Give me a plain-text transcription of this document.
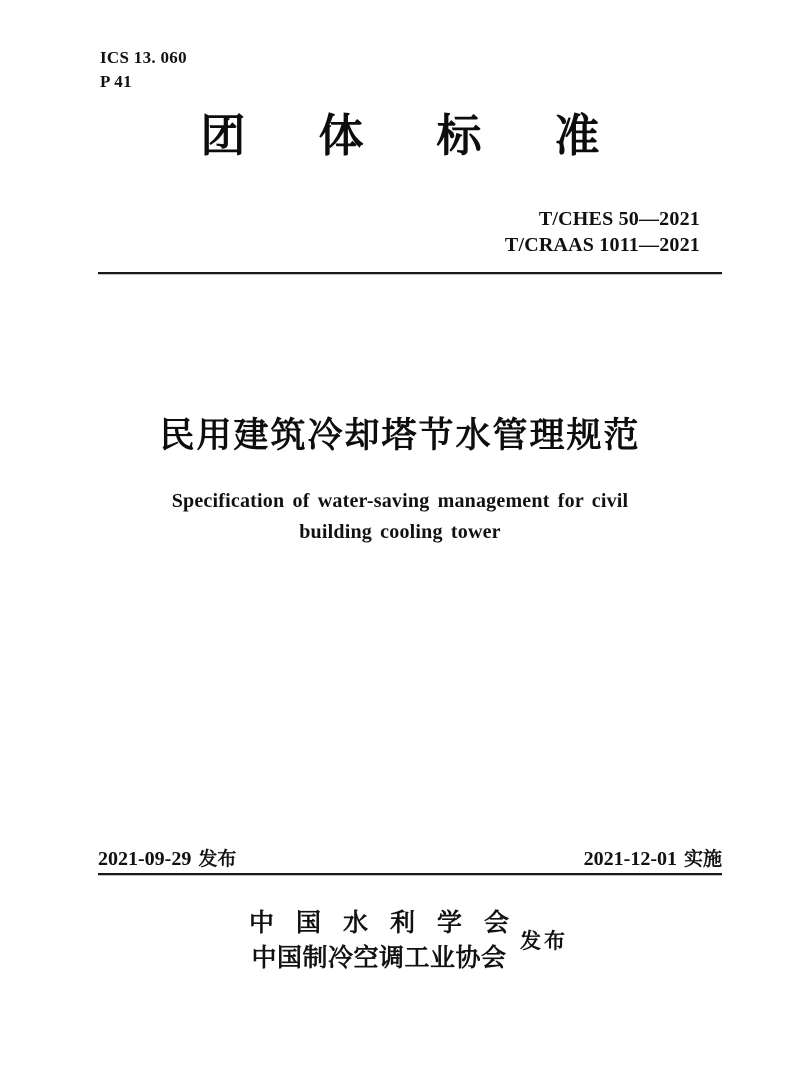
ICS 13. 060
P 41
团体标准
T/CHES 50—2021
T/CRAAS 1011—2021
民用建筑冷却塔节水管理规范
Specification of water-saving management for civil
building cooling tower
2021-09-29 发布	2021-12-01 实施
中 国 水 利 学 会
中国制冷空调工业协会
发布
